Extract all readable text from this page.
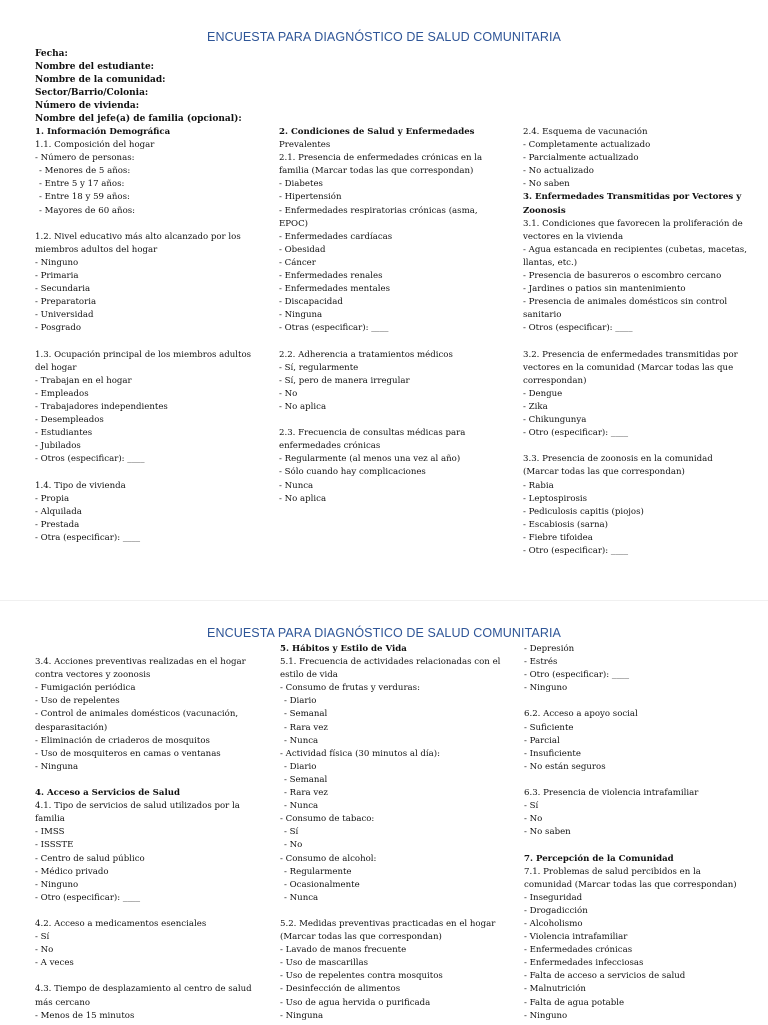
ENCUESTA PARA DIAGNÓSTICO DE SALUD COMUNITARIA
Fecha:
Nombre del estudiante:
Nombre de la comunidad:
Sector/Barrio/Colonia:
Número de vivienda:
Nombre del jefe(a) de familia (opcional):
1. Información Demográfica
1.1. Composición del hogar
- Número de personas:
- Menores de 5 años:
- Entre 5 y 17 años:
- Entre 18 y 59 años:
- Mayores de 60 años:
1.2. Nivel educativo más alto alcanzado por los
miembros adultos del hogar
- Ninguno
- Primaria
- Secundaria
- Preparatoria
- Universidad
- Posgrado
1.3. Ocupación principal de los miembros adultos
del hogar
- Trabajan en el hogar
- Empleados
- Trabajadores independientes
- Desempleados
- Estudiantes
- Jubilados
- Otros (especificar): ____
1.4. Tipo de vivienda
- Propia
- Alquilada
- Prestada
- Otra (especificar): ____
2. Condiciones de Salud y Enfermedades
Prevalentes
2.1. Presencia de enfermedades crónicas en la
familia (Marcar todas las que correspondan)
- Diabetes
- Hipertensión
- Enfermedades respiratorias crónicas (asma,
EPOC)
- Enfermedades cardíacas
- Obesidad
- Cáncer
- Enfermedades renales
- Enfermedades mentales
- Discapacidad
- Ninguna
- Otras (especificar): ____
2.2. Adherencia a tratamientos médicos
- Sí, regularmente
- Sí, pero de manera irregular
- No
- No aplica
2.3. Frecuencia de consultas médicas para
enfermedades crónicas
- Regularmente (al menos una vez al año)
- Sólo cuando hay complicaciones
- Nunca
- No aplica
2.4. Esquema de vacunación
- Completamente actualizado
- Parcialmente actualizado
- No actualizado
- No saben
3. Enfermedades Transmitidas por Vectores y
Zoonosis
3.1. Condiciones que favorecen la proliferación de
vectores en la vivienda
- Agua estancada en recipientes (cubetas, macetas,
llantas, etc.)
- Presencia de basureros o escombro cercano
- Jardines o patios sin mantenimiento
- Presencia de animales domésticos sin control
sanitario
- Otros (especificar): ____
3.2. Presencia de enfermedades transmitidas por
vectores en la comunidad (Marcar todas las que
correspondan)
- Dengue
- Zika
- Chikungunya
- Otro (especificar): ____
3.3. Presencia de zoonosis en la comunidad
(Marcar todas las que correspondan)
- Rabia
- Leptospirosis
- Pediculosis capitis (piojos)
- Escabiosis (sarna)
- Fiebre tifoidea
- Otro (especificar): ____
ENCUESTA PARA DIAGNÓSTICO DE SALUD COMUNITARIA
3.4. Acciones preventivas realizadas en el hogar
contra vectores y zoonosis
- Fumigación periódica
- Uso de repelentes
- Control de animales domésticos (vacunación,
desparasitación)
- Eliminación de criaderos de mosquitos
- Uso de mosquiteros en camas o ventanas
- Ninguna
4. Acceso a Servicios de Salud
4.1. Tipo de servicios de salud utilizados por la
familia
- IMSS
- ISSSTE
- Centro de salud público
- Médico privado
- Ninguno
- Otro (especificar): ____
4.2. Acceso a medicamentos esenciales
- Sí
- No
- A veces
4.3. Tiempo de desplazamiento al centro de salud
más cercano
- Menos de 15 minutos
5. Hábitos y Estilo de Vida
5.1. Frecuencia de actividades relacionadas con el
estilo de vida
- Consumo de frutas y verduras:
- Diario
- Semanal
- Rara vez
- Nunca
- Actividad física (30 minutos al día):
- Diario
- Semanal
- Rara vez
- Nunca
- Consumo de tabaco:
- Sí
- No
- Consumo de alcohol:
- Regularmente
- Ocasionalmente
- Nunca
5.2. Medidas preventivas practicadas en el hogar
(Marcar todas las que correspondan)
- Lavado de manos frecuente
- Uso de mascarillas
- Uso de repelentes contra mosquitos
- Desinfección de alimentos
- Uso de agua hervida o purificada
- Ninguna
- Depresión
- Estrés
- Otro (especificar): ____
- Ninguno
6.2. Acceso a apoyo social
- Suficiente
- Parcial
- Insuficiente
- No están seguros
6.3. Presencia de violencia intrafamiliar
- Sí
- No
- No saben
7. Percepción de la Comunidad
7.1. Problemas de salud percibidos en la
comunidad (Marcar todas las que correspondan)
- Inseguridad
- Drogadicción
- Alcoholismo
- Violencia intrafamiliar
- Enfermedades crónicas
- Enfermedades infecciosas
- Falta de acceso a servicios de salud
- Malnutrición
- Falta de agua potable
- Ninguno
